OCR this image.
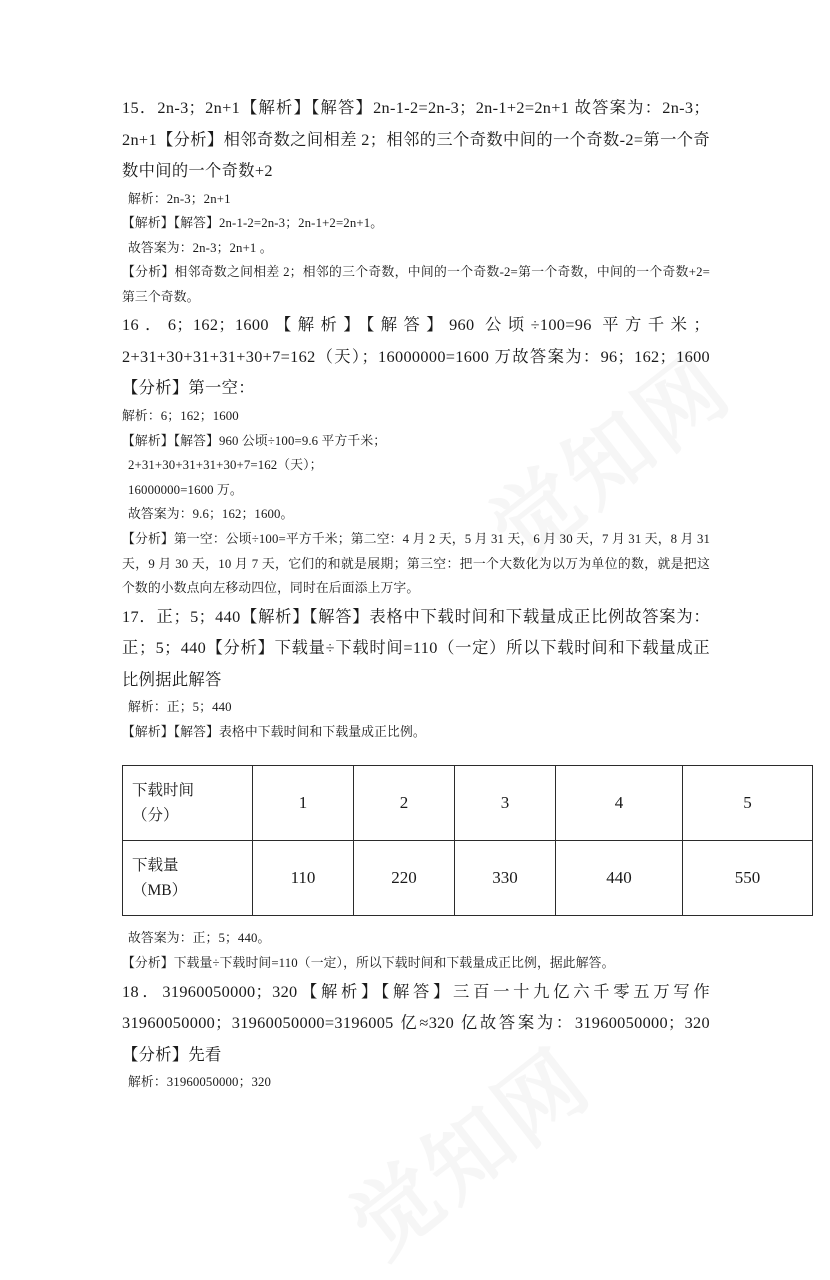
15．2n-3；2n+1【解析】【解答】2n-1-2=2n-3；2n-1+2=2n+1 故答案为：2n-3；2n+1【分析】相邻奇数之间相差 2；相邻的三个奇数中间的一个奇数-2=第一个奇数中间的一个奇数+2

解析：2n-3；2n+1

【解析】【解答】2n-1-2=2n-3；2n-1+2=2n+1。

故答案为：2n-3；2n+1 。

【分析】相邻奇数之间相差 2；相邻的三个奇数，中间的一个奇数-2=第一个奇数，中间的一个奇数+2=第三个奇数。

16．6；162；1600【解析】【解答】960 公顷÷100=96 平方千米；2+31+30+31+31+30+7=162（天）；16000000=1600 万故答案为：96；162；1600【分析】第一空：

解析：6；162；1600

【解析】【解答】960 公顷÷100=9.6 平方千米；

2+31+30+31+31+30+7=162（天）；

16000000=1600 万。

故答案为：9.6；162；1600。

【分析】第一空：公顷÷100=平方千米；第二空：4 月 2 天，5 月 31 天，6 月 30 天，7 月 31 天，8 月 31 天，9 月 30 天，10 月 7 天，它们的和就是展期；第三空：把一个大数化为以万为单位的数，就是把这个数的小数点向左移动四位，同时在后面添上万字。

17．正；5；440【解析】【解答】表格中下载时间和下载量成正比例故答案为：正；5；440【分析】下载量÷下载时间=110（一定）所以下载时间和下载量成正比例据此解答

解析：正；5；440

【解析】【解答】表格中下载时间和下载量成正比例。

下载时间
（分）	1	2	3	4	5

下载量
（MB）	110	220	330	440	550

故答案为：正；5；440。

【分析】下载量÷下载时间=110（一定），所以下载时间和下载量成正比例，据此解答。

18．31960050000；320【解析】【解答】三百一十九亿六千零五万写作 31960050000；31960050000=3196005 亿≈320 亿故答案为：31960050000；320【分析】先看

解析：31960050000；320
